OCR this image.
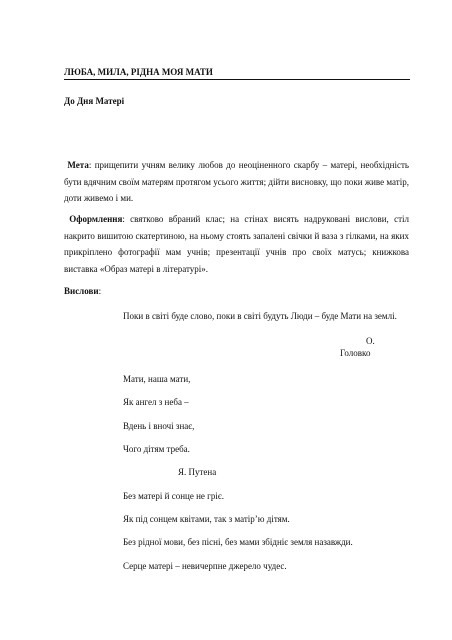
ЛЮБА, МИЛА, РІДНА МОЯ МАТИ
До Дня Матері
Мета: прищепити учням велику любов до неоціненного скарбу – матері, необхідність бути вдячним своїм матерям протягом усього життя; дійти висновку, що поки живе матір, доти живемо і ми.
Оформлення: святково вбраний клас; на стінах висять надруковані вислови, стіл накрито вишитою скатертиною, на ньому стоять запалені свічки й ваза з гілками, на яких прикріплено фотографії мам учнів; презентації учнів про своїх матусь; книжкова виставка «Образ матері в літературі».
Вислови:
Поки в світі буде слово, поки в світі будуть Люди – буде Мати на землі.
О.
Головко
Мати, наша мати,
Як ангел з неба –
Вдень і вночі знає,
Чого дітям треба.
Я. Путена
Без матері й сонце не гріє.
Як під сонцем квітами, так з матір’ю дітям.
Без рідної мови, без пісні, без мами збідніє земля назавжди.
Серце матері – невичерпне джерело чудес.
